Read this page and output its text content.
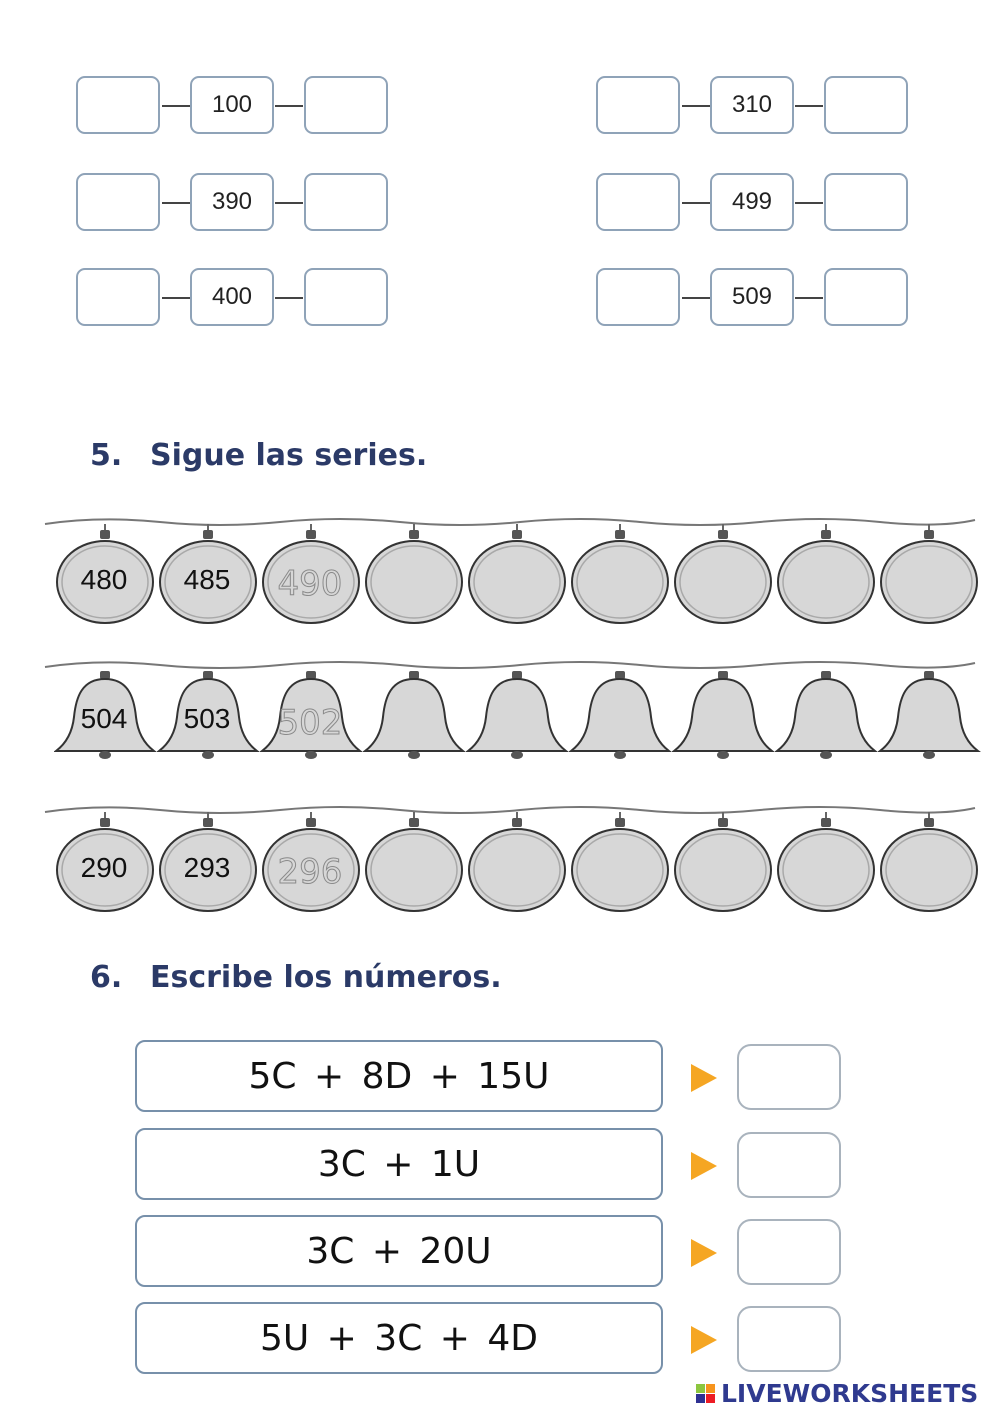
100
390
400
310
499
509
5. Sigue las series.
480	485	490
504	503	502
290	293	296
6. Escribe los números.
5C + 8D + 15U
3C + 1U
3C + 20U
5U + 3C + 4D
LIVEWORKSHEETS
